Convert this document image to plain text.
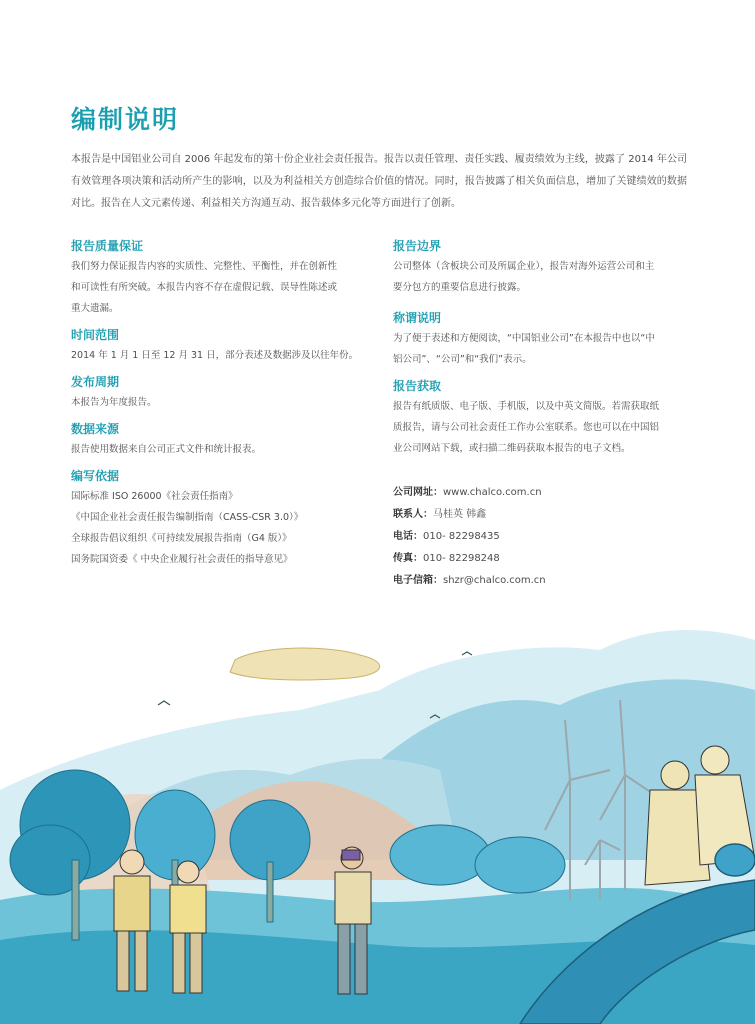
编制说明

本报告是中国铝业公司自 2006 年起发布的第十份企业社会责任报告。报告以责任管理、责任实践、履责绩效为主线，披露了 2014 年公司有效管理各项决策和活动所产生的影响，以及为利益相关方创造综合价值的情况。同时，报告披露了相关负面信息，增加了关键绩效的数据对比。报告在人文元素传递、利益相关方沟通互动、报告载体多元化等方面进行了创新。

报告质量保证
我们努力保证报告内容的实质性、完整性、平衡性，并在创新性
和可读性有所突破。本报告内容不存在虚假记载、误导性陈述或
重大遗漏。
时间范围
2014 年 1 月 1 日至 12 月 31 日，部分表述及数据涉及以往年份。
发布周期
本报告为年度报告。
数据来源
报告使用数据来自公司正式文件和统计报表。
编写依据
国际标准 ISO 26000《社会责任指南》
《中国企业社会责任报告编制指南（CASS-CSR 3.0）》
全球报告倡议组织《可持续发展报告指南（G4 版）》
国务院国资委《 中央企业履行社会责任的指导意见》
报告边界
公司整体（含板块公司及所属企业），报告对海外运营公司和主
要分包方的重要信息进行披露。
称谓说明
为了便于表述和方便阅读，“中国铝业公司”在本报告中也以“中
铝公司”、“公司”和“我们”表示。
报告获取
报告有纸质版、电子版、手机版，以及中英文简版。若需获取纸
质报告，请与公司社会责任工作办公室联系。您也可以在中国铝
业公司网站下载，或扫描二维码获取本报告的电子文档。
公司网址：www.chalco.com.cn
联系人：马桂英 韩鑫
电话：010- 82298435
传真：010- 82298248
电子信箱：shzr@chalco.com.cn
